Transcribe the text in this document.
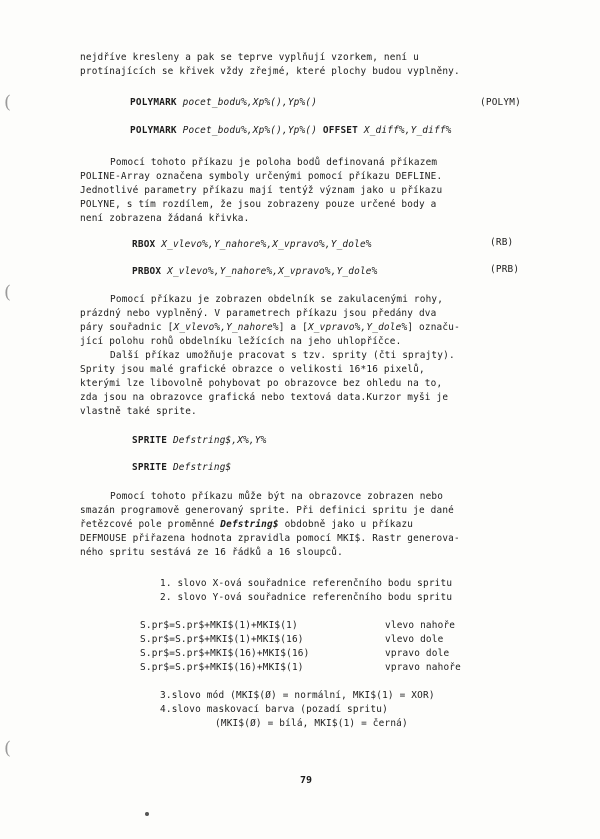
(
(
(
nejdříve kresleny a pak se teprve vyplňují vzorkem, není u
protínajících se křivek vždy zřejmé, které plochy budou vyplněny.
POLYMARK pocet_bodu%,Xp%(),Yp%()	(POLYM)
POLYMARK Pocet_bodu%,Xp%(),Yp%() OFFSET X_diff%,Y_diff%
Pomocí tohoto příkazu je poloha bodů definovaná příkazem
POLINE-Array označena symboly určenými pomocí příkazu DEFLINE.
Jednotlivé parametry příkazu mají tentýž význam jako u příkazu
POLYNE, s tím rozdílem, že jsou zobrazeny pouze určené body a
není zobrazena žádaná křivka.
RBOX X_vlevo%,Y_nahore%,X_vpravo%,Y_dole%	(RB)
PRBOX X_vlevo%,Y_nahore%,X_vpravo%,Y_dole%	(PRB)
Pomocí příkazu je zobrazen obdelník se zakulacenými rohy,
prázdný nebo vyplněný. V parametrech příkazu jsou předány dva
páry souřadnic [X_vlevo%,Y_nahore%] a [X_vpravo%,Y_dole%] označu-
jící polohu rohů obdelníku ležících na jeho uhlopříčce.
Další příkaz umožňuje pracovat s tzv. sprity (čti sprajty).
Sprity jsou malé grafické obrazce o velikosti 16*16 pixelů,
kterými lze libovolně pohybovat po obrazovce bez ohledu na to,
zda jsou na obrazovce grafická nebo textová data.Kurzor myši je
vlastně také sprite.
SPRITE Defstring$,X%,Y%
SPRITE Defstring$
Pomocí tohoto příkazu může být na obrazovce zobrazen nebo
smazán programově generovaný sprite. Při definici spritu je dané
řetězcové pole proměnné Defstring$ obdobně jako u příkazu
DEFMOUSE přiřazena hodnota zpravidla pomocí MKI$. Rastr generova-
ného spritu sestává ze 16 řádků a 16 sloupců.
1. slovo X-ová souřadnice referenčního bodu spritu
2. slovo Y-ová souřadnice referenčního bodu spritu
S.pr$=S.pr$+MKI$(1)+MKI$(1)	vlevo nahoře
S.pr$=S.pr$+MKI$(1)+MKI$(16)	vlevo dole
S.pr$=S.pr$+MKI$(16)+MKI$(16)	vpravo dole
S.pr$=S.pr$+MKI$(16)+MKI$(1)	vpravo nahoře
3.slovo mód (MKI$(Ø) = normální, MKI$(1) = XOR)
4.slovo maskovací barva (pozadí spritu)
(MKI$(Ø) = bílá, MKI$(1) = černá)
79
